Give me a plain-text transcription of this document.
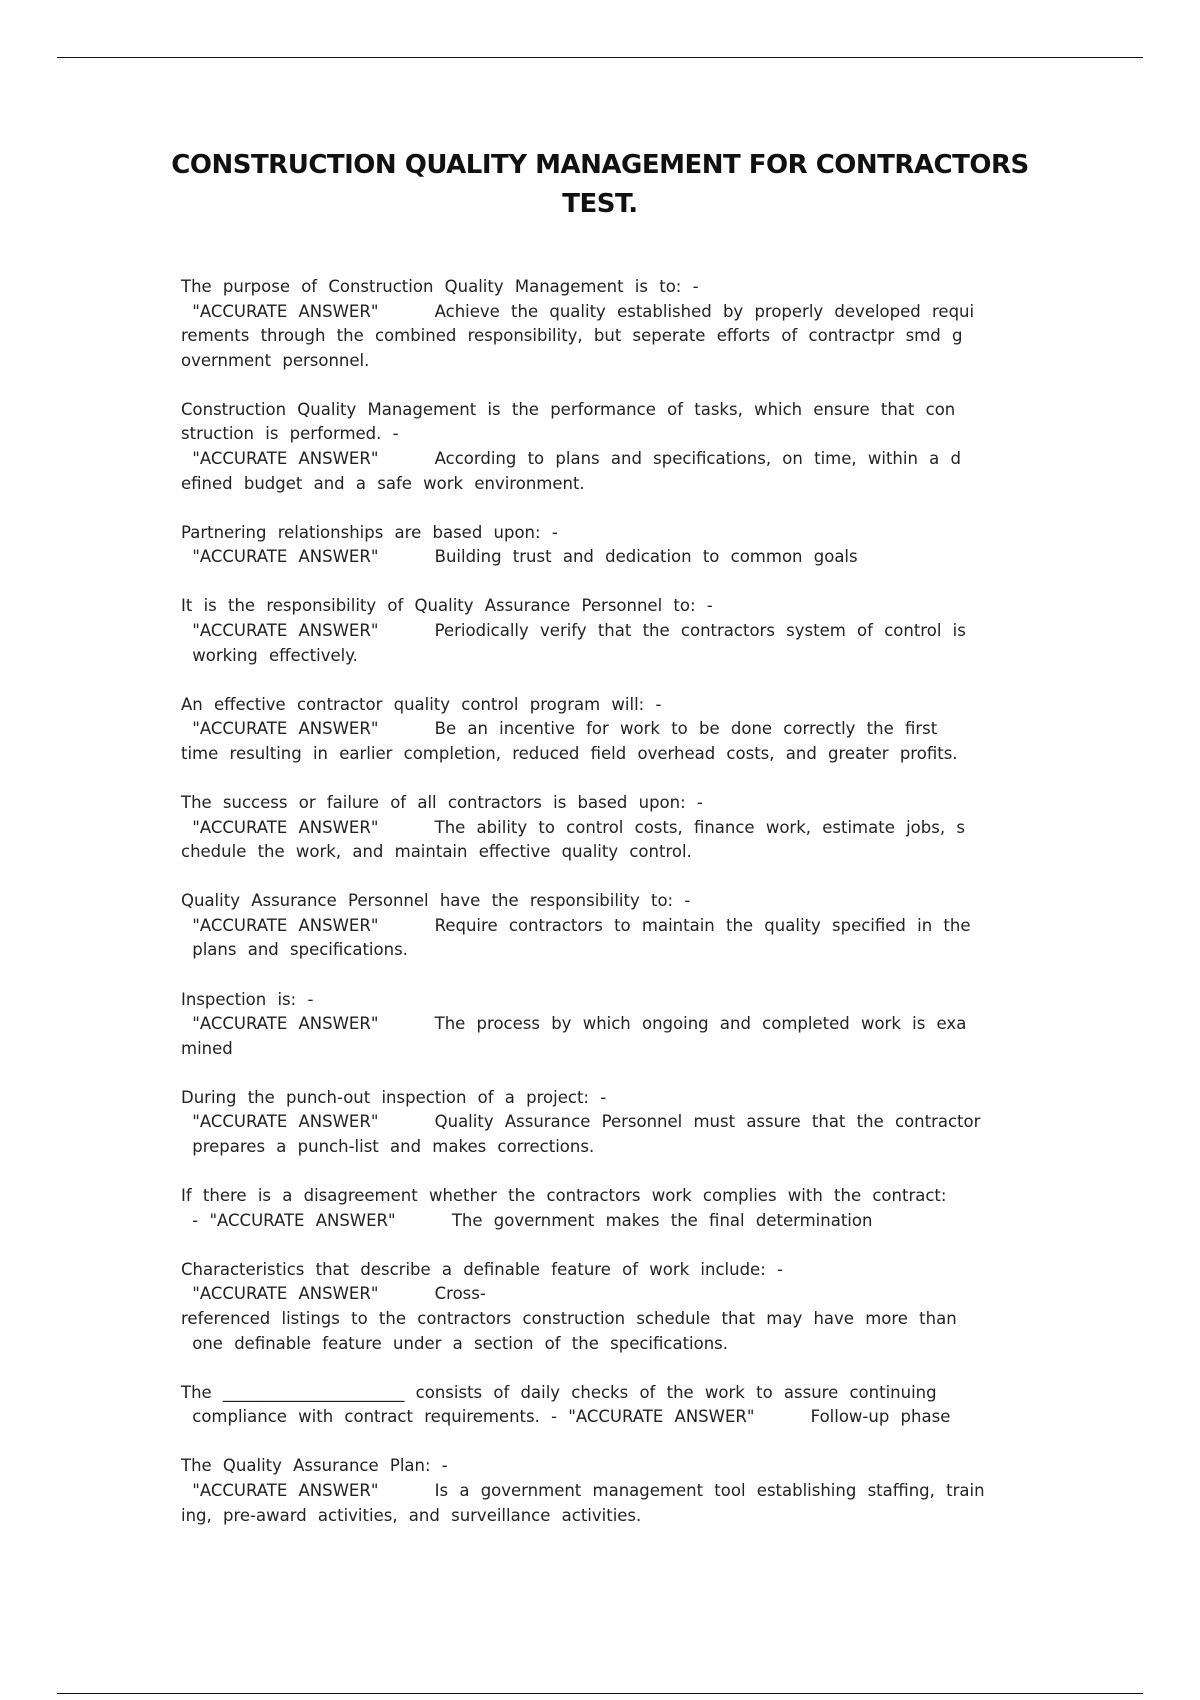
CONSTRUCTION QUALITY MANAGEMENT FOR CONTRACTORS TEST.

The purpose of Construction Quality Management is to: -
"ACCURATE ANSWER"     Achieve the quality established by properly developed requi
rements through the combined responsibility, but seperate efforts of contractpr smd g
overnment personnel.

Construction Quality Management is the performance of tasks, which ensure that con
struction is performed. -
"ACCURATE ANSWER"     According to plans and specifications, on time, within a d
efined budget and a safe work environment.

Partnering relationships are based upon: -
"ACCURATE ANSWER"     Building trust and dedication to common goals

It is the responsibility of Quality Assurance Personnel to: -
"ACCURATE ANSWER"     Periodically verify that the contractors system of control is
working effectively.

An effective contractor quality control program will: -
"ACCURATE ANSWER"     Be an incentive for work to be done correctly the first
time resulting in earlier completion, reduced field overhead costs, and greater profits.

The success or failure of all contractors is based upon: -
"ACCURATE ANSWER"     The ability to control costs, finance work, estimate jobs, s
chedule the work, and maintain effective quality control.

Quality Assurance Personnel have the responsibility to: -
"ACCURATE ANSWER"     Require contractors to maintain the quality specified in the
plans and specifications.

Inspection is: -
"ACCURATE ANSWER"     The process by which ongoing and completed work is exa
mined

During the punch-out inspection of a project: -
"ACCURATE ANSWER"     Quality Assurance Personnel must assure that the contractor
prepares a punch-list and makes corrections.

If there is a disagreement whether the contractors work complies with the contract:
- "ACCURATE ANSWER"     The government makes the final determination

Characteristics that describe a definable feature of work include: -
"ACCURATE ANSWER"     Cross-
referenced listings to the contractors construction schedule that may have more than
one definable feature under a section of the specifications.

The ______________________ consists of daily checks of the work to assure continuing
compliance with contract requirements. - "ACCURATE ANSWER"     Follow-up phase

The Quality Assurance Plan: -
"ACCURATE ANSWER"     Is a government management tool establishing staffing, train
ing, pre-award activities, and surveillance activities.
